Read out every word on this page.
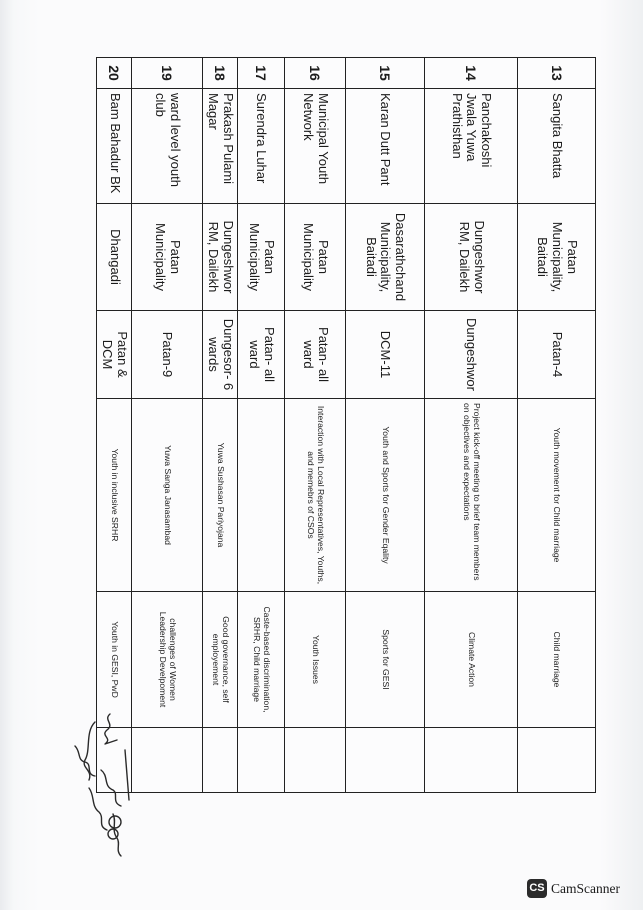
13	Sangita Bhatta	Patan Municipality, Baitadi	Patan-4	Youth movement for Child marriage	Child marriage	
14	Panchakoshi Jwala Yuwa Prathisthan	Dungeshwor RM, Dailekh	Dungeshwor	Project kick-off meeting to brief team members on objectives and expectations	Climate Action	
15	Karan Dutt Pant	Dasarathchand Municipality, Baitadi	DCM-11	Youth and Sports for Gender Eqality	Sports for GESI	
16	Municipal Youth Network	Patan Municipality	Patan- all ward	Interaction with Local Representatives, Youths, and memebrs of CSOs	Youth Issues	
17	Surendra Luhar	Patan Municipality	Patan- all ward		Caste-based discrimination, SRHR, Child marriage	
18	Prakash Pulami Magar	Dungeshwor RM, Dailekh	Dungesor- 6 wards	Yuwa Sushasan Pariyojana	Good governance, self employement	
19	ward level youth club	Patan Municipality	Patan-9	Yuwa Sanga Janasambad	challenges of Women Leadership Develpoment	
20	Bam Bahadur BK	Dhangadi	Patan & DCM	Youth in inclusive SRHR	Youth in GESI, PwD	
CS CamScanner
